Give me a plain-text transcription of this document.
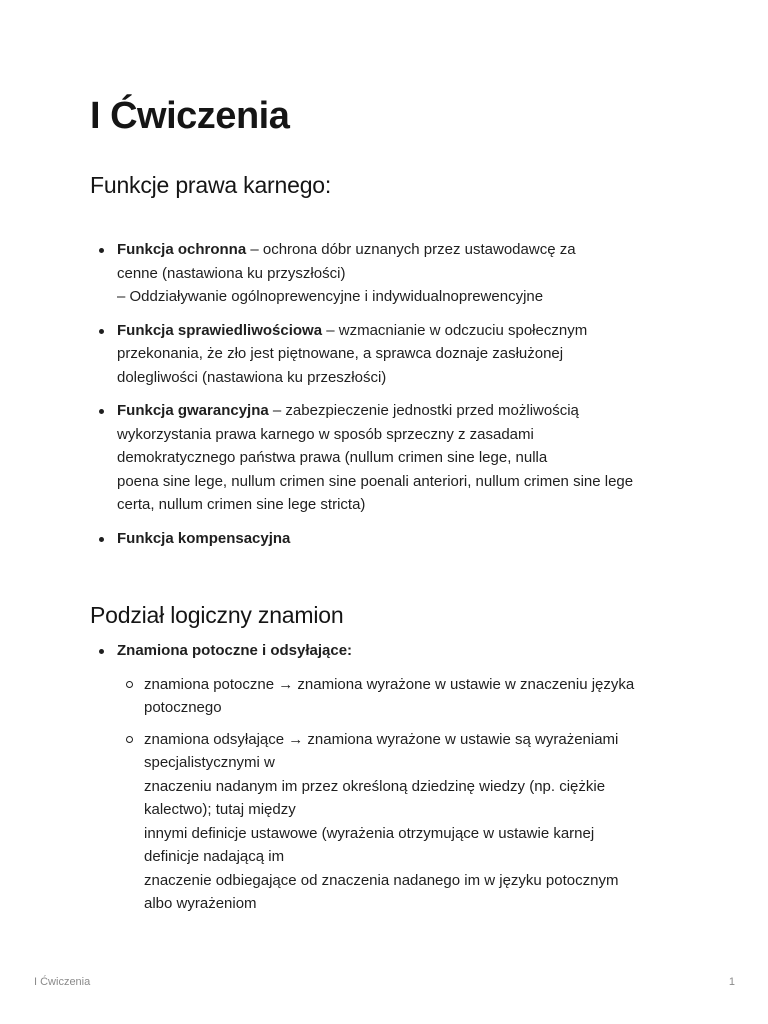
I Ćwiczenia
Funkcje prawa karnego:
Funkcja ochronna – ochrona dóbr uznanych przez ustawodawcę za
cenne (nastawiona ku przyszłości)
– Oddziaływanie ogólnoprewencyjne i indywidualnoprewencyjne
Funkcja sprawiedliwościowa – wzmacnianie w odczuciu społecznym
przekonania, że zło jest piętnowane, a sprawca doznaje zasłużonej
dolegliwości (nastawiona ku przeszłości)
Funkcja gwarancyjna – zabezpieczenie jednostki przed możliwością
wykorzystania prawa karnego w sposób sprzeczny z zasadami
demokratycznego państwa prawa (nullum crimen sine lege, nulla
poena sine lege, nullum crimen sine poenali anteriori, nullum crimen sine lege
certa, nullum crimen sine lege stricta)
Funkcja kompensacyjna
Podział logiczny znamion
Znamiona potoczne i odsyłające:
znamiona potoczne → znamiona wyrażone w ustawie w znaczeniu języka
potocznego
znamiona odsyłające → znamiona wyrażone w ustawie są wyrażeniami
specjalistycznymi w
znaczeniu nadanym im przez określoną dziedzinę wiedzy (np. ciężkie
kalectwo); tutaj między
innymi definicje ustawowe (wyrażenia otrzymujące w ustawie karnej
definicje nadającą im
znaczenie odbiegające od znaczenia nadanego im w języku potocznym
albo wyrażeniom
I Ćwiczenia	1
